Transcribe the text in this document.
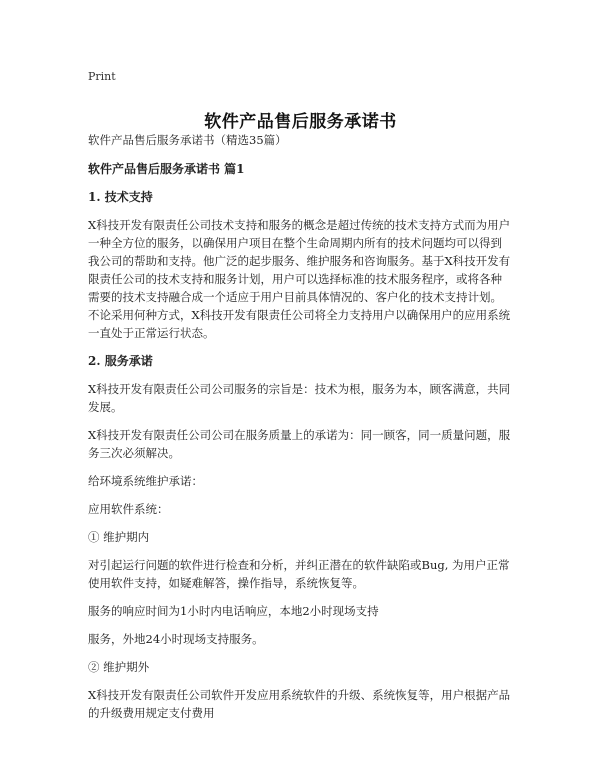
Print
软件产品售后服务承诺书

软件产品售后服务承诺书（精选35篇）

软件产品售后服务承诺书 篇1
1. 技术支持

X科技开发有限责任公司技术支持和服务的概念是超过传统的技术支持方式而为用户一种全方位的服务，以确保用户项目在整个生命周期内所有的技术问题均可以得到我公司的帮助和支持。他广泛的起步服务、维护服务和咨询服务。基于X科技开发有限责任公司的技术支持和服务计划，用户可以选择标准的技术服务程序，或将各种需要的技术支持融合成一个适应于用户目前具体情况的、客户化的技术支持计划。不论采用何种方式，X科技开发有限责任公司将全力支持用户以确保用户的应用系统一直处于正常运行状态。

2. 服务承诺

X科技开发有限责任公司公司服务的宗旨是：技术为根，服务为本，顾客满意，共同发展。

X科技开发有限责任公司公司在服务质量上的承诺为：同一顾客，同一质量问题，服务三次必须解决。

给环境系统维护承诺：

应用软件系统：

① 维护期内

对引起运行问题的软件进行检查和分析，并纠正潜在的软件缺陷或Bug, 为用户正常使用软件支持，如疑难解答，操作指导，系统恢复等。

服务的响应时间为1小时内电话响应，本地2小时现场支持

服务，外地24小时现场支持服务。

② 维护期外

X科技开发有限责任公司软件开发应用系统软件的升级、系统恢复等，用户根据产品的升级费用规定支付费用
